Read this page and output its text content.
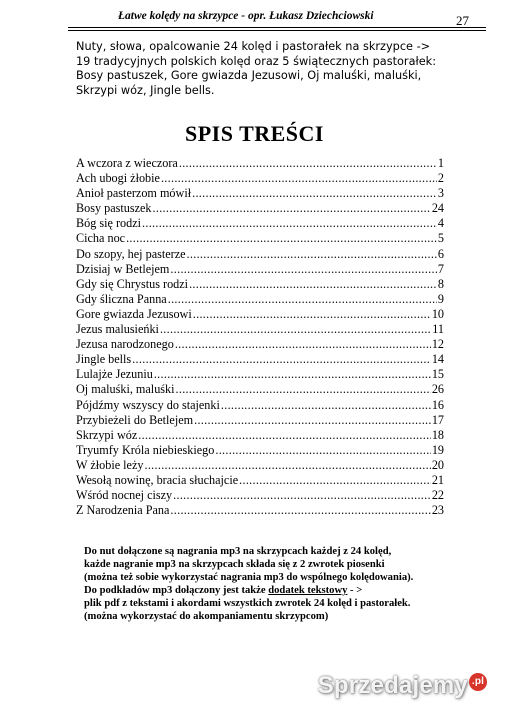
Łatwe kolędy na skrzypce - opr. Łukasz Dziechciowski	27
Nuty, słowa, opalcowanie 24 kolęd i pastorałek na skrzypce ->
19 tradycyjnych polskich kolęd oraz 5 świątecznych pastorałek:
Bosy pastuszek, Gore gwiazda Jezusowi, Oj maluśki, maluśki,
Skrzypi wóz, Jingle bells.
SPIS TREŚCI
A wczora z wieczora .....	1
Ach ubogi żłobie .....	2
Anioł pasterzom mówił .....	3
Bosy pastuszek .....	24
Bóg się rodzi .....	4
Cicha noc .....	5
Do szopy, hej pasterze .....	6
Dzisiaj w Betlejem .....	7
Gdy się Chrystus rodzi .....	8
Gdy śliczna Panna .....	9
Gore gwiazda Jezusowi .....	10
Jezus malusieńki .....	11
Jezusa narodzonego .....	12
Jingle bells .....	14
Lulajże Jezuniu .....	15
Oj maluśki, maluśki .....	26
Pójdźmy wszyscy do stajenki .....	16
Przybieżeli do Betlejem .....	17
Skrzypi wóz .....	18
Tryumfy Króla niebieskiego .....	19
W żłobie leży .....	20
Wesołą nowinę, bracia słuchajcie .....	21
Wśród nocnej ciszy .....	22
Z Narodzenia Pana .....	23
Do nut dołączone są nagrania mp3 na skrzypcach każdej z 24 kolęd,
każde nagranie mp3 na skrzypcach składa się z 2 zwrotek piosenki
(można też sobie wykorzystać nagrania mp3 do wspólnego kolędowania).
Do podkładów mp3 dołączony jest także dodatek tekstowy - >
plik pdf z tekstami i akordami wszystkich zwrotek 24 kolęd i pastorałek.
(można wykorzystać do akompaniamentu skrzypcom)
Sprzedajemy .pl
